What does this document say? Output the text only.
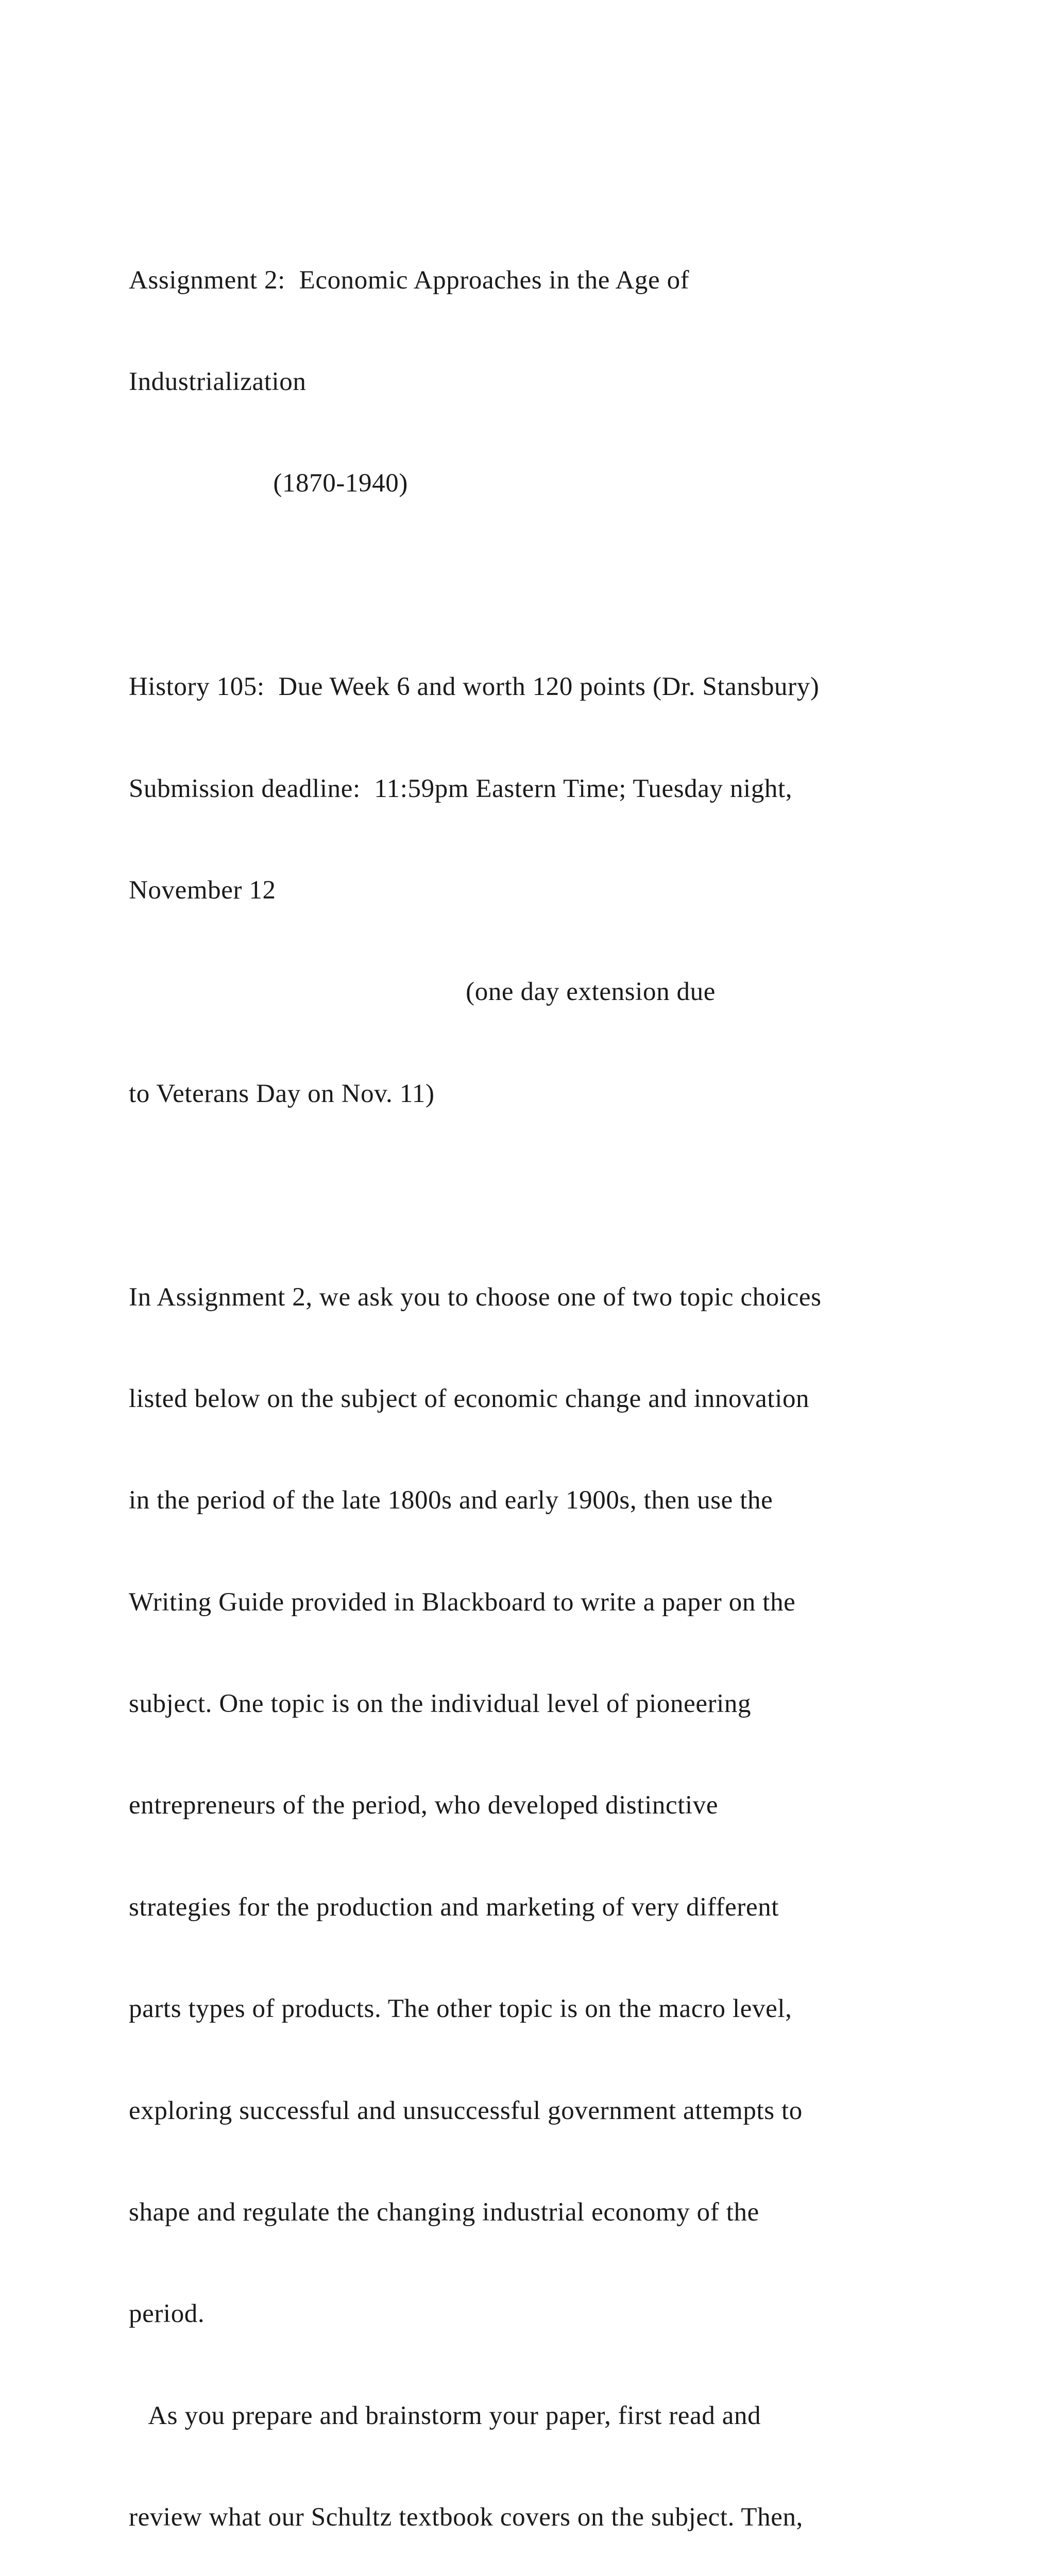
Assignment 2:  Economic Approaches in the Age of

Industrialization

(1870-1940)

History 105:  Due Week 6 and worth 120 points (Dr. Stansbury)

Submission deadline:  11:59pm Eastern Time; Tuesday night,

November 12

(one day extension due

to Veterans Day on Nov. 11)

In Assignment 2, we ask you to choose one of two topic choices

listed below on the subject of economic change and innovation

in the period of the late 1800s and early 1900s, then use the

Writing Guide provided in Blackboard to write a paper on the

subject. One topic is on the individual level of pioneering

entrepreneurs of the period, who developed distinctive

strategies for the production and marketing of very different

parts types of products. The other topic is on the macro level,

exploring successful and unsuccessful government attempts to

shape and regulate the changing industrial economy of the

period.

As you prepare and brainstorm your paper, first read and

review what our Schultz textbook covers on the subject. Then,
